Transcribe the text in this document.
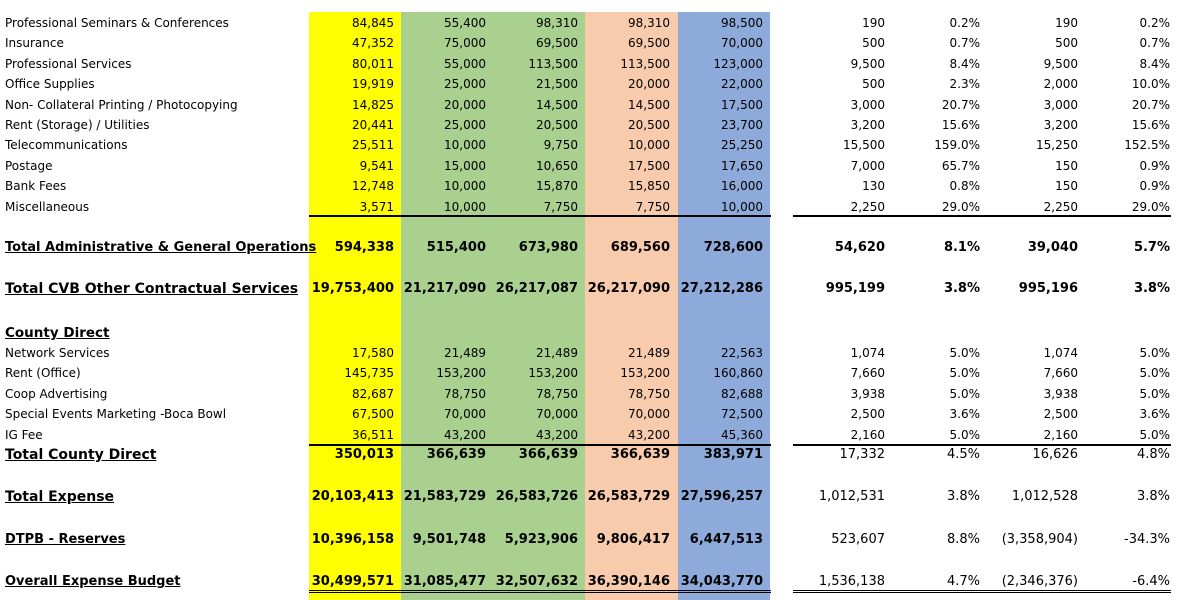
Professional Seminars & Conferences	84,845	55,400	98,310	98,310	98,500	190	0.2%	190	0.2%
Insurance	47,352	75,000	69,500	69,500	70,000	500	0.7%	500	0.7%
Professional Services	80,011	55,000	113,500	113,500	123,000	9,500	8.4%	9,500	8.4%
Office Supplies	19,919	25,000	21,500	20,000	22,000	500	2.3%	2,000	10.0%
Non- Collateral Printing / Photocopying	14,825	20,000	14,500	14,500	17,500	3,000	20.7%	3,000	20.7%
Rent (Storage) / Utilities	20,441	25,000	20,500	20,500	23,700	3,200	15.6%	3,200	15.6%
Telecommunications	25,511	10,000	9,750	10,000	25,250	15,500	159.0%	15,250	152.5%
Postage	9,541	15,000	10,650	17,500	17,650	7,000	65.7%	150	0.9%
Bank Fees	12,748	10,000	15,870	15,850	16,000	130	0.8%	150	0.9%
Miscellaneous	3,571	10,000	7,750	7,750	10,000	2,250	29.0%	2,250	29.0%
Total Administrative & General Operations	594,338	515,400	673,980	689,560	728,600	54,620	8.1%	39,040	5.7%
Total CVB Other Contractual Services 19,753,400 21,217,090 26,217,087 26,217,090 27,212,286	995,199	3.8%	995,196	3.8%
County Direct
Network Services	17,580	21,489	21,489	21,489	22,563	1,074	5.0%	1,074	5.0%
Rent (Office)	145,735	153,200	153,200	153,200	160,860	7,660	5.0%	7,660	5.0%
Coop Advertising	82,687	78,750	78,750	78,750	82,688	3,938	5.0%	3,938	5.0%
Special Events Marketing -Boca Bowl	67,500	70,000	70,000	70,000	72,500	2,500	3.6%	2,500	3.6%
IG Fee	36,511	43,200	43,200	43,200	45,360	2,160	5.0%	2,160	5.0%
Total County Direct	350,013	366,639	366,639	366,639	383,971	17,332	4.5%	16,626	4.8%
Total Expense	20,103,413 21,583,729 26,583,726 26,583,729 27,596,257	1,012,531	3.8%	1,012,528	3.8%
DTPB - Reserves	10,396,158	9,501,748	5,923,906	9,806,417	6,447,513	523,607	8.8%	(3,358,904)	-34.3%
Overall Expense Budget	30,499,571 31,085,477 32,507,632 36,390,146 34,043,770	1,536,138	4.7%	(2,346,376)	-6.4%
